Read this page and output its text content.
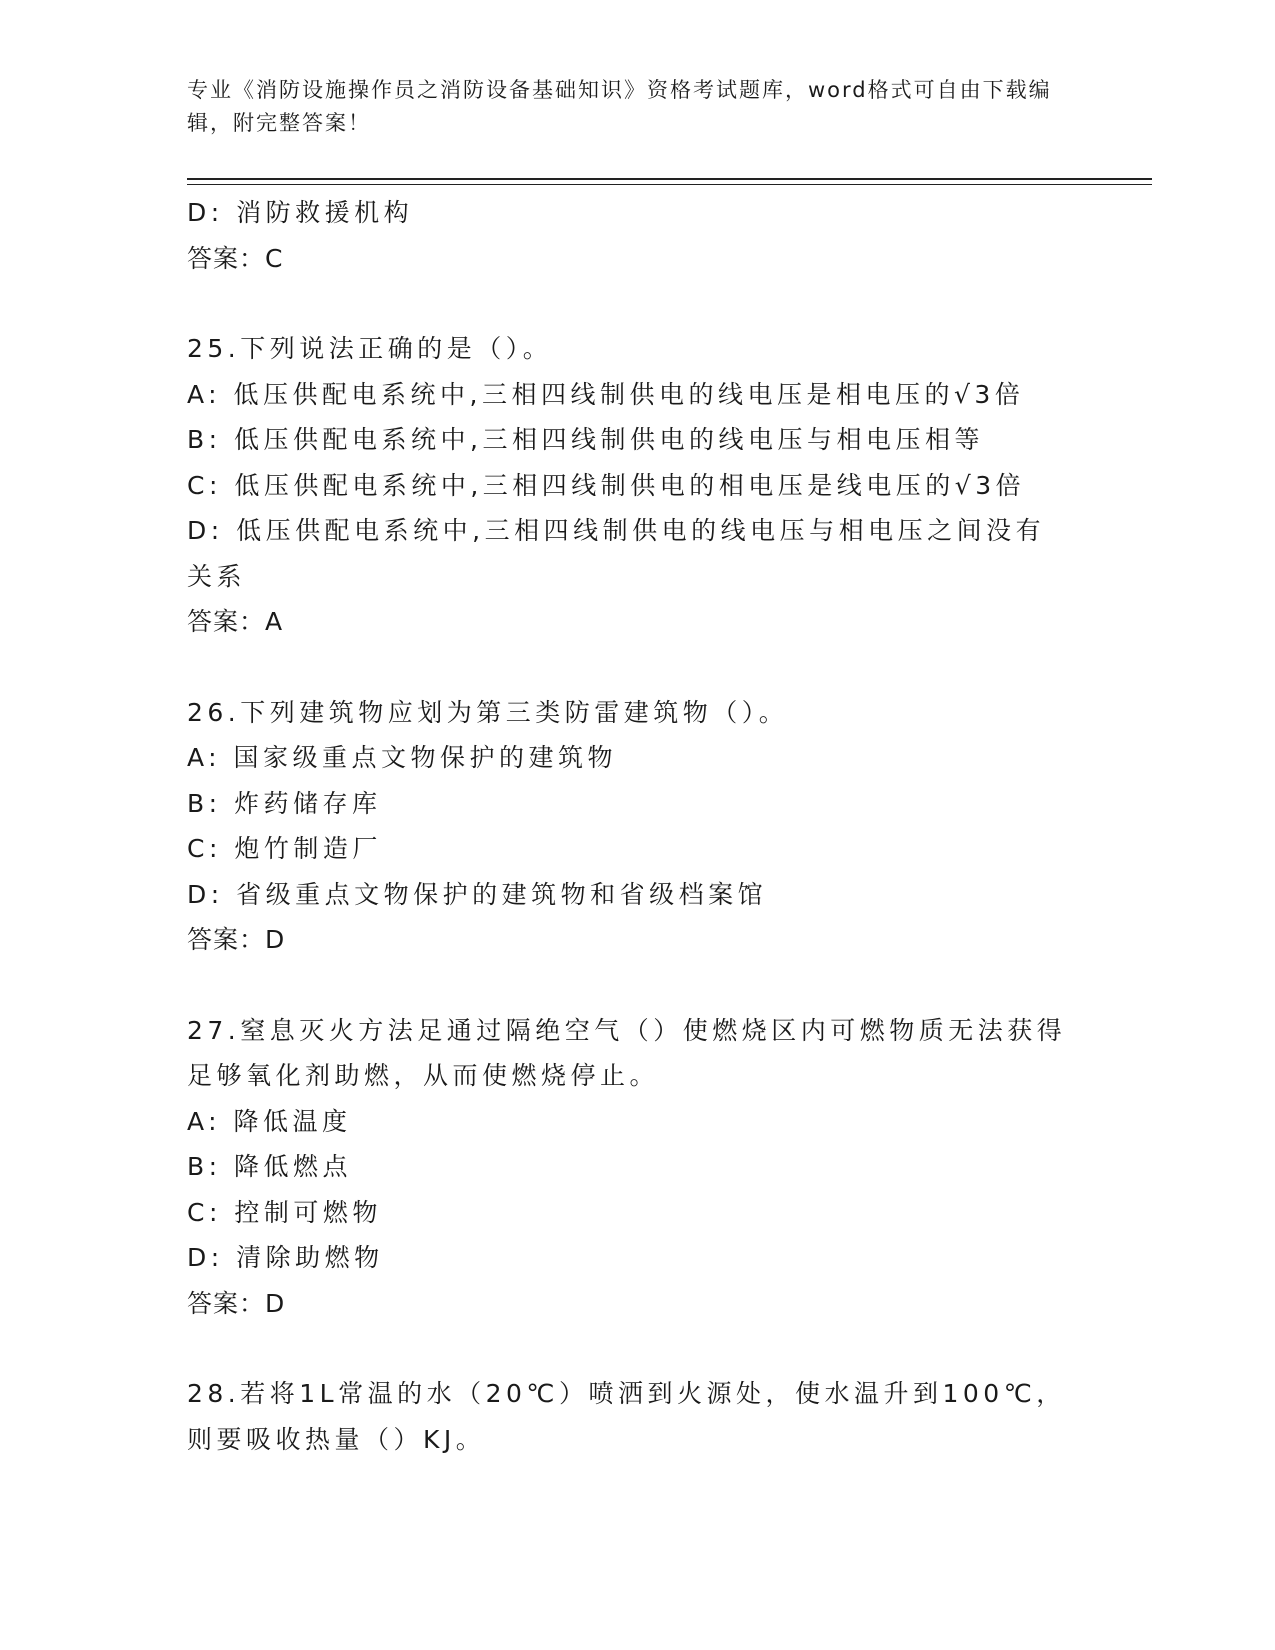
专业《消防设施操作员之消防设备基础知识》资格考试题库，word格式可自由下载编辑，附完整答案！
D: 消防救援机构
答案：C
25.下列说法正确的是（）。
A: 低压供配电系统中,三相四线制供电的线电压是相电压的√3倍
B: 低压供配电系统中,三相四线制供电的线电压与相电压相等
C: 低压供配电系统中,三相四线制供电的相电压是线电压的√3倍
D: 低压供配电系统中,三相四线制供电的线电压与相电压之间没有关系
答案：A
26.下列建筑物应划为第三类防雷建筑物（）。
A: 国家级重点文物保护的建筑物
B: 炸药储存库
C: 炮竹制造厂
D: 省级重点文物保护的建筑物和省级档案馆
答案：D
27.窒息灭火方法足通过隔绝空气（）使燃烧区内可燃物质无法获得足够氧化剂助燃，从而使燃烧停止。
A: 降低温度
B: 降低燃点
C: 控制可燃物
D: 清除助燃物
答案：D
28.若将1L常温的水（20℃）喷洒到火源处，使水温升到100℃，则要吸收热量（）KJ。
